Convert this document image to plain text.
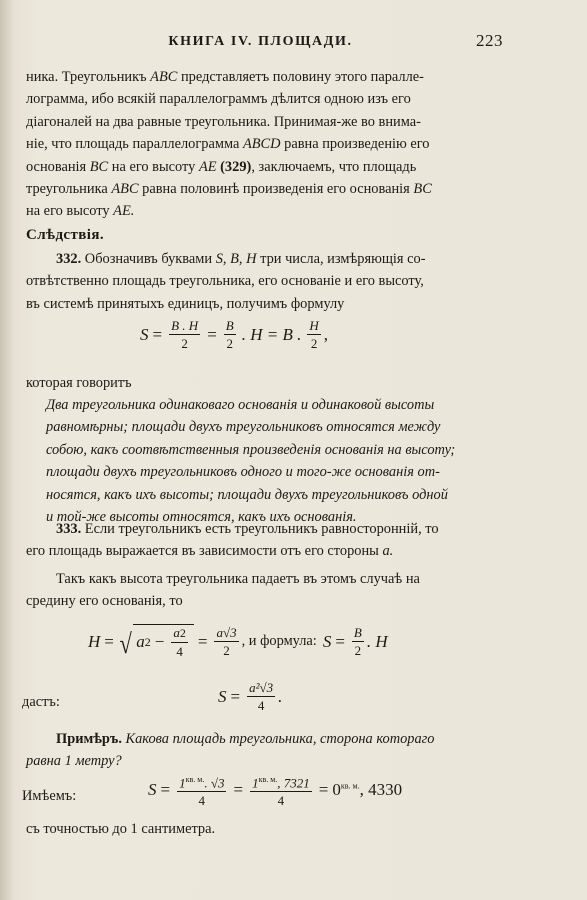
КНИГА IV. ПЛОЩАДИ.	223

ника. Треугольникъ ABC представляетъ половину этого паралле-

лограмма, ибо всякій параллелограммъ дѣлится одною изъ его

діагоналей на два равные треугольника. Принимая-же во внима-

ніе, что площадь параллелограмма ABCD равна произведенію его

основанія BC на его высоту AE (329), заключаемъ, что площадь

треугольника ABC равна половинѣ произведенія его основанія BC

на его высоту AE.

Слѣдствія.

332. Обозначивъ буквами S, B, H три числа, измѣряющія со-

отвѣтственно площадь треугольника, его основаніе и его высоту,

въ системѣ принятыхъ единицъ, получимъ формулу

$S = \frac{B . H}{2} = \frac{B}{2}$ . H = B . $\frac{H}{2}$ ,
которая говоритъ

Два треугольника одинаковаго основанія и одинаковой высоты

равномѣрны; площади двухъ треугольниковъ относятся между

собою, какъ соотвѣтственныя произведенія основанія на высоту;

площади двухъ треугольниковъ одного и того-же основанія от-

носятся, какъ ихъ высоты; площади двухъ треугольниковъ одной

и той-же высоты относятся, какъ ихъ основанія.

333. Если треугольникъ есть треугольникъ равносторонній, то

его площадь выражается въ зависимости отъ его стороны a.

Такъ какъ высота треугольника падаетъ въ этомъ случаѣ на

средину его основанія, то

H = √ a $2 - \frac{a2}{4} = \frac{a√3}{2}$ , и формула: $S = \frac{B}{2}$ . H
дастъ:	$S = \frac{\text{a²√3}}{4}$ .

Примѣръ. Какова площадь треугольника, сторона котораго

равна 1 метру?

Имѣемъ:	$S = \frac{1^{кв. м.}. √3}{4} = \frac{1^{кв. м.}, 7321}{4} = 0^{кв. м.}$, 4330
съ точностью до 1 сантиметра.
